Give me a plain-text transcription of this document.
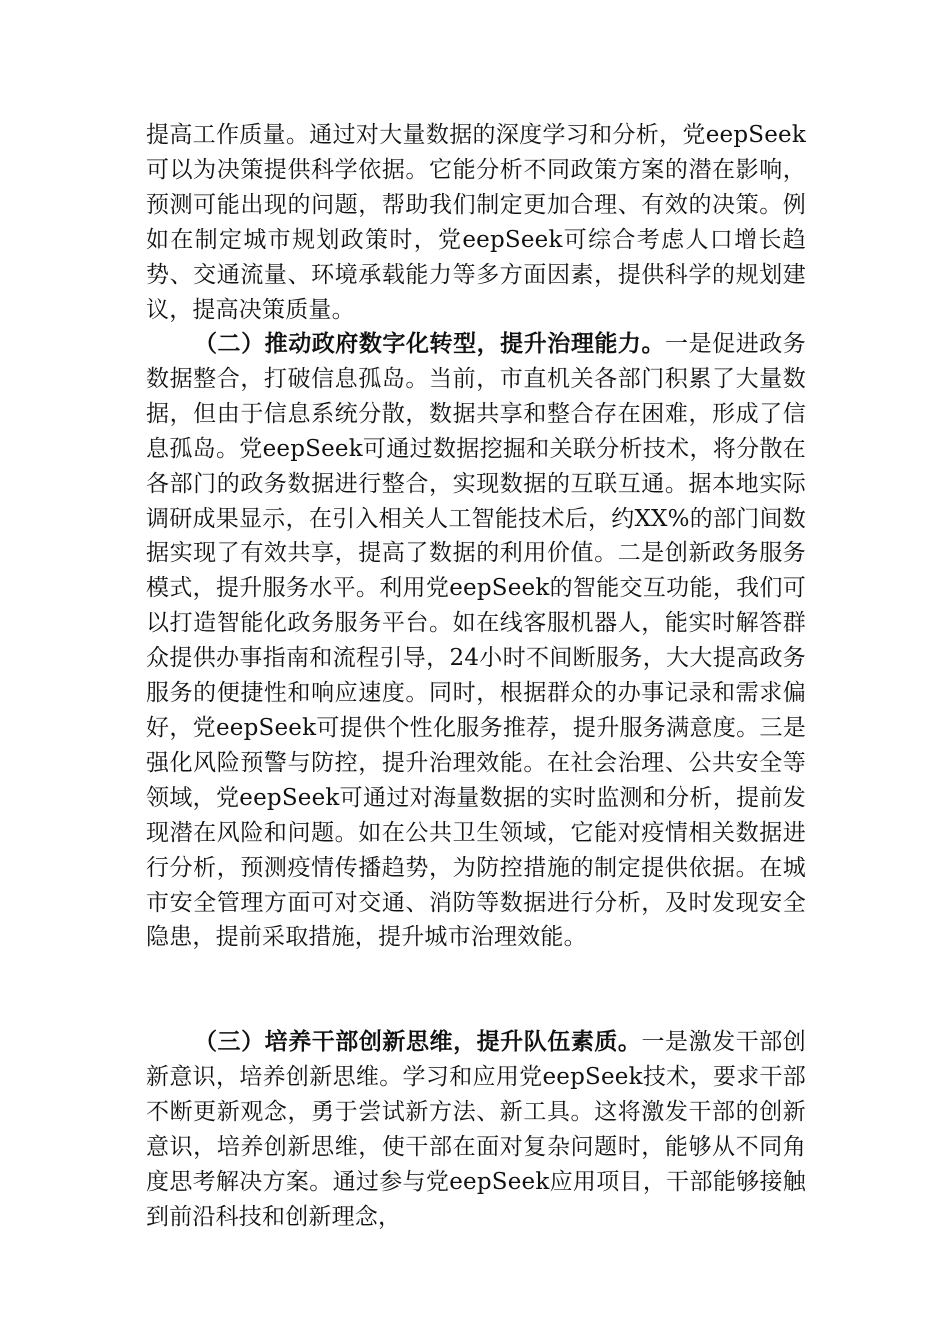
提高工作质量。通过对大量数据的深度学习和分析，党eepSeek可以为决策提供科学依据。它能分析不同政策方案的潜在影响，预测可能出现的问题，帮助我们制定更加合理、有效的决策。例如在制定城市规划政策时，党eepSeek可综合考虑人口增长趋势、交通流量、环境承载能力等多方面因素，提供科学的规划建议，提高决策质量。

（二）推动政府数字化转型，提升治理能力。一是促进政务数据整合，打破信息孤岛。当前，市直机关各部门积累了大量数据，但由于信息系统分散，数据共享和整合存在困难，形成了信息孤岛。党eepSeek可通过数据挖掘和关联分析技术，将分散在各部门的政务数据进行整合，实现数据的互联互通。据本地实际调研成果显示，在引入相关人工智能技术后，约XX%的部门间数据实现了有效共享，提高了数据的利用价值。二是创新政务服务模式，提升服务水平。利用党eepSeek的智能交互功能，我们可以打造智能化政务服务平台。如在线客服机器人，能实时解答群众提供办事指南和流程引导，24小时不间断服务，大大提高政务服务的便捷性和响应速度。同时，根据群众的办事记录和需求偏好，党eepSeek可提供个性化服务推荐，提升服务满意度。三是强化风险预警与防控，提升治理效能。在社会治理、公共安全等领域，党eepSeek可通过对海量数据的实时监测和分析，提前发现潜在风险和问题。如在公共卫生领域，它能对疫情相关数据进行分析，预测疫情传播趋势，为防控措施的制定提供依据。在城市安全管理方面可对交通、消防等数据进行分析，及时发现安全隐患，提前采取措施，提升城市治理效能。

（三）培养干部创新思维，提升队伍素质。一是激发干部创新意识，培养创新思维。学习和应用党eepSeek技术，要求干部不断更新观念，勇于尝试新方法、新工具。这将激发干部的创新意识，培养创新思维，使干部在面对复杂问题时，能够从不同角度思考解决方案。通过参与党eepSeek应用项目，干部能够接触到前沿科技和创新理念，
